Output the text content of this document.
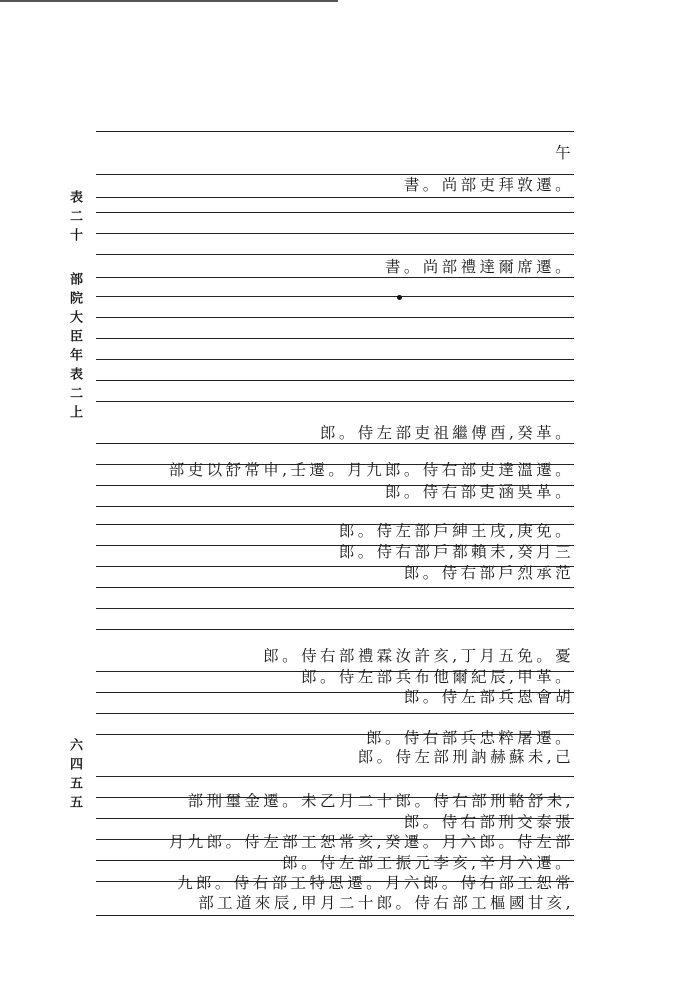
表二十
部院大臣年表二上
六四五五
午
書。尚部吏拜敦遷。
書。尚部禮達爾席遷。
郎。侍左部吏祖繼傅酉,癸革。
部吏以舒常申,壬遷。月九郎。侍右部吏達溫遷。
郎。侍右部吏涵吳革。
郎。侍左部戶紳王戌,庚免。
郎。侍右部戶都賴未,癸月三
郎。侍右部戶烈承范
郎。侍右部禮霖汝許亥,丁月五免。憂
郎。侍左部兵布他爾紀辰,甲革。
郎。侍左部兵恩會胡
郎。侍右部兵忠粹屠遷。
郎。侍左部刑訥赫蘇未,己
部刑璽金遷。未乙月二十郎。侍右部刑輅舒未,
郎。侍右部刑交泰張
月九郎。侍左部工恕常亥,癸遷。月六郎。侍左部
郎。侍左部工振元李亥,辛月六遷。
九郎。侍右部工特恩遷。月六郎。侍右部工恕常
部工道來辰,甲月二十郎。侍右部工樞國甘亥,
